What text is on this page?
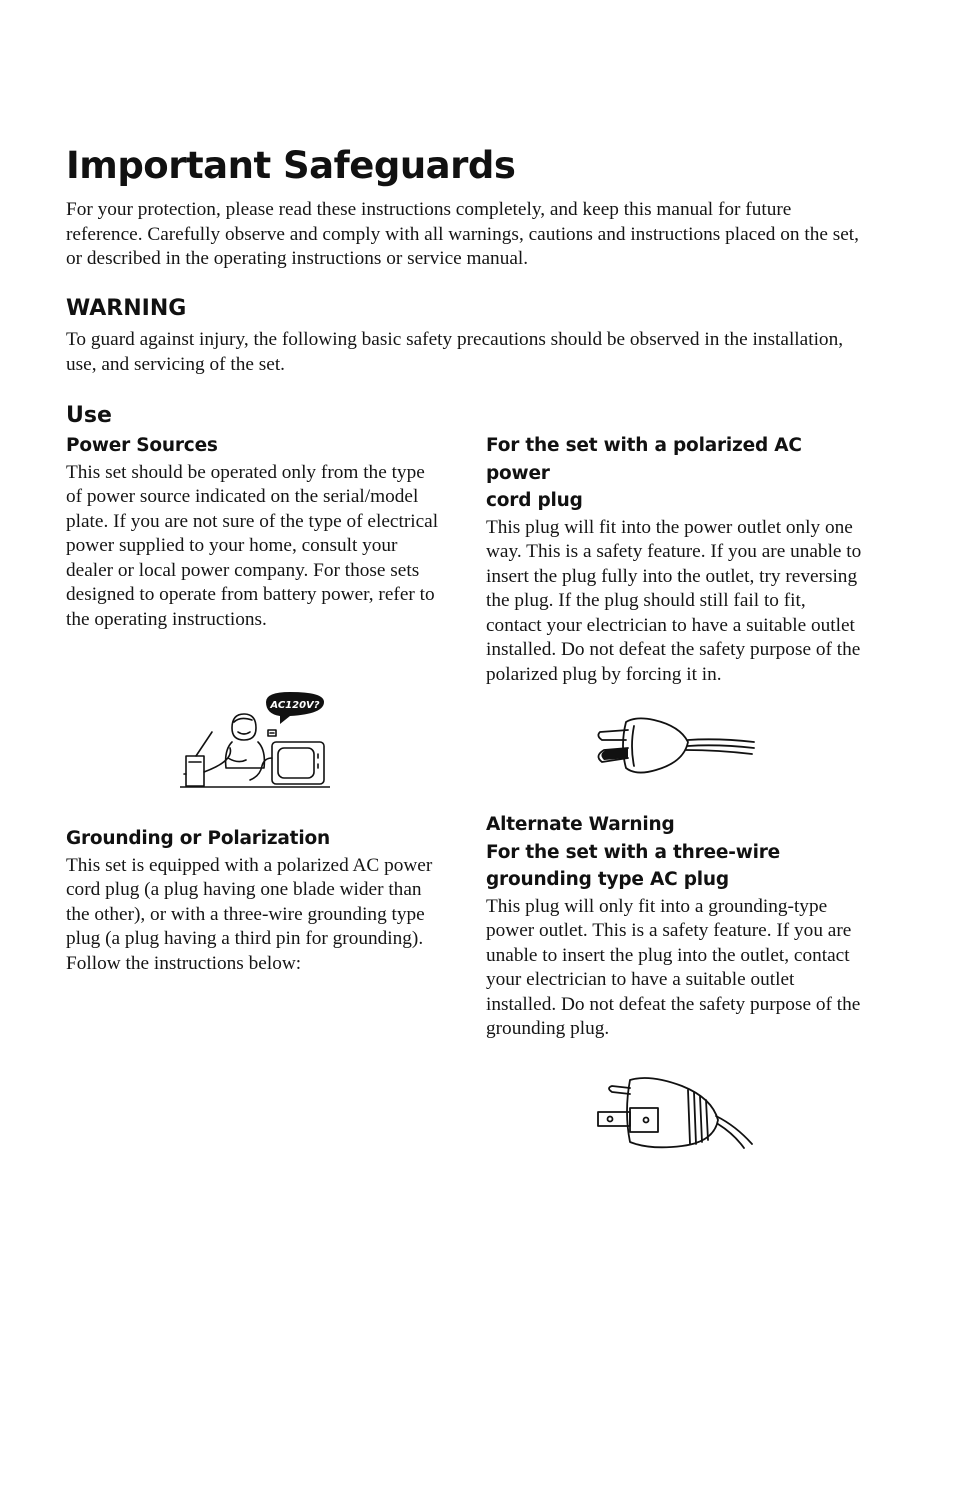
Important Safeguards

For your protection, please read these instructions completely, and keep this manual for future reference. Carefully observe and comply with all warnings, cautions and instructions placed on the set, or described in the operating instructions or service manual.

WARNING

To guard against injury, the following basic safety precautions should be observed in the installation, use, and servicing of the set.

Use
Power Sources

This set should be operated only from the type of power source indicated on the serial/model plate. If you are not sure of the type of electrical power supplied to your home, consult your dealer or local power company. For those sets designed to operate from battery power, refer to the operating instructions.

AC120V?
Grounding or Polarization

This set is equipped with a polarized AC power cord plug (a plug having one blade wider than the other), or with a three-wire grounding type plug (a plug having a third pin for grounding).

Follow the instructions below:

For the set with a polarized AC power
cord plug

This plug will fit into the power outlet only one way. This is a safety feature. If you are unable to insert the plug fully into the outlet, try reversing the plug. If the plug should still fail to fit, contact your electrician to have a suitable outlet installed. Do not defeat the safety purpose of the polarized plug by forcing it in.

Alternate Warning
For the set with a three-wire
grounding type AC plug

This plug will only fit into a grounding-type power outlet. This is a safety feature. If you are unable to insert the plug into the outlet, contact your electrician to have a suitable outlet installed. Do not defeat the safety purpose of the grounding plug.
